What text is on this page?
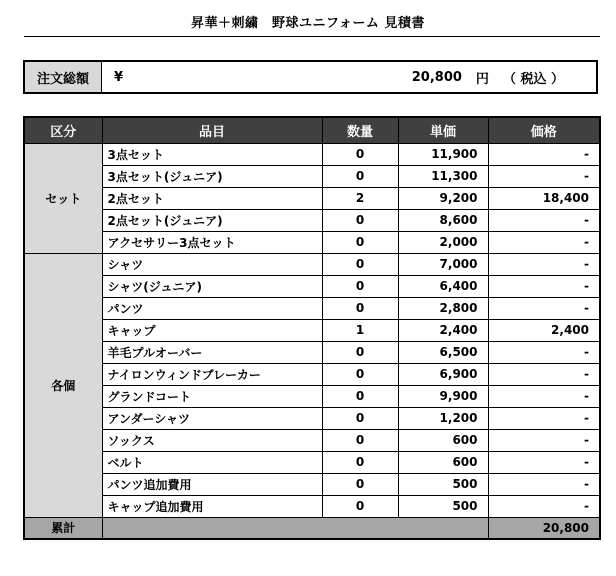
昇華＋刺繍　野球ユニフォーム 見積書
注文総額	¥	20,800 円 （ 税込 ）
区分	品目	数量	単価	価格
セット	3点セット	0	11,900	-
	3点セット(ジュニア)	0	11,300	-
	2点セット	2	9,200	18,400
	2点セット(ジュニア)	0	8,600	-
	アクセサリー3点セット	0	2,000	-
各個	シャツ	0	7,000	-
	シャツ(ジュニア)	0	6,400	-
	パンツ	0	2,800	-
	キャップ	1	2,400	2,400
	羊毛プルオーバー	0	6,500	-
	ナイロンウィンドブレーカー	0	6,900	-
	グランドコート	0	9,900	-
	アンダーシャツ	0	1,200	-
	ソックス	0	600	-
	ベルト	0	600	-
	パンツ追加費用	0	500	-
	キャップ追加費用	0	500	-
累計				20,800
